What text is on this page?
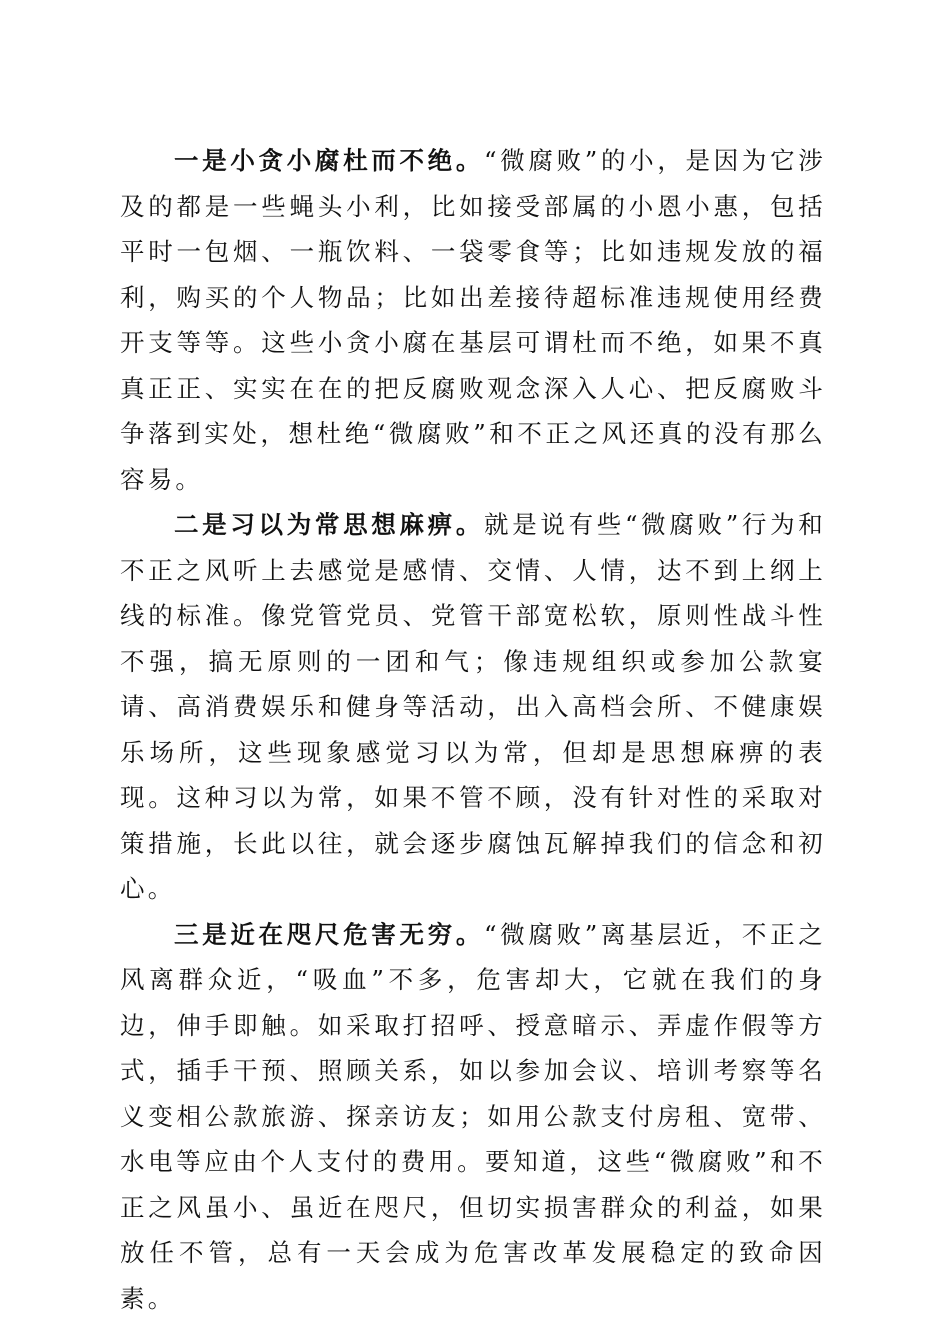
一是小贪小腐杜而不绝。“微腐败”的小，是因为它涉及的都是一些蝇头小利，比如接受部属的小恩小惠，包括平时一包烟、一瓶饮料、一袋零食等；比如违规发放的福利，购买的个人物品；比如出差接待超标准违规使用经费开支等等。这些小贪小腐在基层可谓杜而不绝，如果不真真正正、实实在在的把反腐败观念深入人心、把反腐败斗争落到实处，想杜绝“微腐败”和不正之风还真的没有那么容易。

二是习以为常思想麻痹。就是说有些“微腐败”行为和不正之风听上去感觉是感情、交情、人情，达不到上纲上线的标准。像党管党员、党管干部宽松软，原则性战斗性不强，搞无原则的一团和气；像违规组织或参加公款宴请、高消费娱乐和健身等活动，出入高档会所、不健康娱乐场所，这些现象感觉习以为常，但却是思想麻痹的表现。这种习以为常，如果不管不顾，没有针对性的采取对策措施，长此以往，就会逐步腐蚀瓦解掉我们的信念和初心。

三是近在咫尺危害无穷。“微腐败”离基层近，不正之风离群众近，“吸血”不多，危害却大，它就在我们的身边，伸手即触。如采取打招呼、授意暗示、弄虚作假等方式，插手干预、照顾关系，如以参加会议、培训考察等名义变相公款旅游、探亲访友；如用公款支付房租、宽带、水电等应由个人支付的费用。要知道，这些“微腐败”和不正之风虽小、虽近在咫尺，但切实损害群众的利益，如果放任不管，总有一天会成为危害改革发展稳定的致命因素。
